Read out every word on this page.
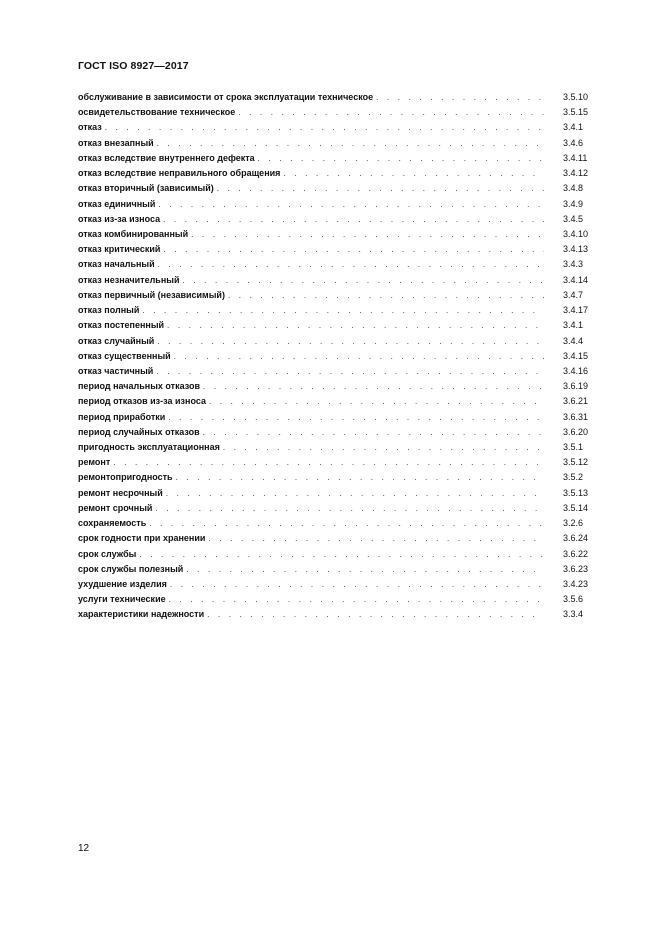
ГОСТ ISO 8927—2017
обслуживание в зависимости от срока эксплуатации техническое . . .	3.5.10
освидетельствование техническое . . .	3.5.15
отказ . . .	3.4.1
отказ внезапный . . .	3.4.6
отказ вследствие внутреннего дефекта . . .	3.4.11
отказ вследствие неправильного обращения . . .	3.4.12
отказ вторичный (зависимый) . . .	3.4.8
отказ единичный . . .	3.4.9
отказ из-за износа . . .	3.4.5
отказ комбинированный . . .	3.4.10
отказ критический . . .	3.4.13
отказ начальный . . .	3.4.3
отказ незначительный . . .	3.4.14
отказ первичный (независимый) . . .	3.4.7
отказ полный . . .	3.4.17
отказ постепенный . . .	3.4.1
отказ случайный . . .	3.4.4
отказ существенный . . .	3.4.15
отказ частичный . . .	3.4.16
период начальных отказов . . .	3.6.19
период отказов из-за износа . . .	3.6.21
период приработки . . .	3.6.31
период случайных отказов . . .	3.6.20
пригодность эксплуатационная . . .	3.5.1
ремонт . . .	3.5.12
ремонтопригодность . . .	3.5.2
ремонт несрочный . . .	3.5.13
ремонт срочный . . .	3.5.14
сохраняемость . . .	3.2.6
срок годности при хранении . . .	3.6.24
срок службы . . .	3.6.22
срок службы полезный . . .	3.6.23
ухудшение изделия . . .	3.4.23
услуги технические . . .	3.5.6
характеристики надежности . . .	3.3.4
12
